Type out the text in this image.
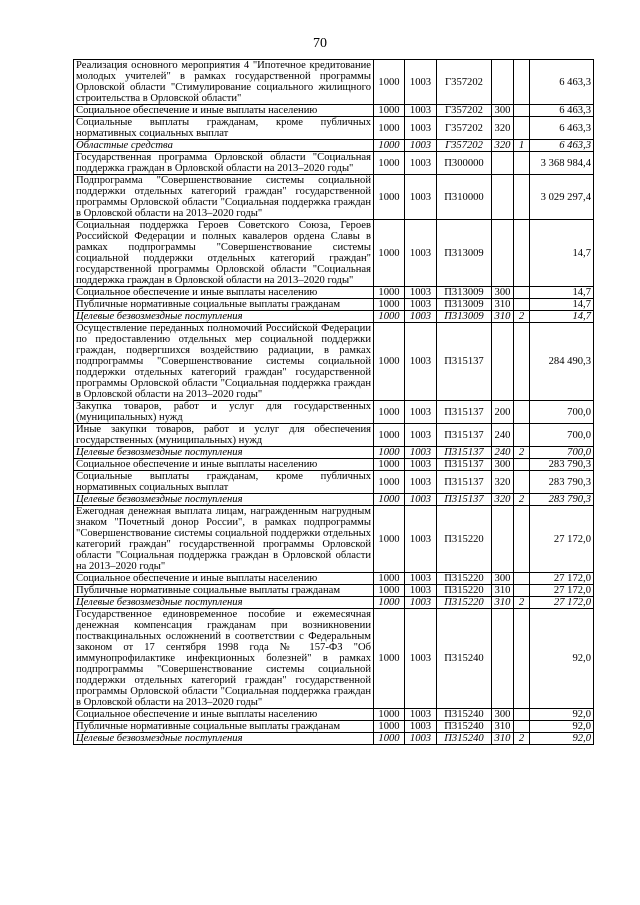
70
Реализация основного мероприятия 4 "Ипотечное кредитование молодых учителей" в рамках государственной программы Орловской области "Стимулирование социального жилищного строительства в Орловской области"	1000	1003	Г357202			6 463,3
Социальное обеспечение и иные выплаты населению	1000	1003	Г357202	300		6 463,3
Социальные выплаты гражданам, кроме публичных нормативных социальных выплат	1000	1003	Г357202	320		6 463,3
Областные средства	1000	1003	Г357202	320	1	6 463,3
Государственная программа Орловской области "Социальная поддержка граждан в Орловской области на 2013–2020 годы"	1000	1003	П300000			3 368 984,4
Подпрограмма "Совершенствование системы социальной поддержки отдельных категорий граждан" государственной программы Орловской области "Социальная поддержка граждан в Орловской области на 2013–2020 годы"	1000	1003	П310000			3 029 297,4
Социальная поддержка Героев Советского Союза, Героев Российской Федерации и полных кавалеров ордена Славы в рамках подпрограммы "Совершенствование системы социальной поддержки отдельных категорий граждан" государственной программы Орловской области "Социальная поддержка граждан в Орловской области на 2013–2020 годы"	1000	1003	П313009			14,7
Социальное обеспечение и иные выплаты населению	1000	1003	П313009	300		14,7
Публичные нормативные социальные выплаты гражданам	1000	1003	П313009	310		14,7
Целевые безвозмездные поступления	1000	1003	П313009	310	2	14,7
Осуществление переданных полномочий Российской Федерации по предоставлению отдельных мер социальной поддержки граждан, подвергшихся воздействию радиации, в рамках подпрограммы "Совершенствование системы социальной поддержки отдельных категорий граждан" государственной программы Орловской области "Социальная поддержка граждан в Орловской области на 2013–2020 годы"	1000	1003	П315137			284 490,3
Закупка товаров, работ и услуг для государственных (муниципальных) нужд	1000	1003	П315137	200		700,0
Иные закупки товаров, работ и услуг для обеспечения государственных (муниципальных) нужд	1000	1003	П315137	240		700,0
Целевые безвозмездные поступления	1000	1003	П315137	240	2	700,0
Социальное обеспечение и иные выплаты населению	1000	1003	П315137	300		283 790,3
Социальные выплаты гражданам, кроме публичных нормативных социальных выплат	1000	1003	П315137	320		283 790,3
Целевые безвозмездные поступления	1000	1003	П315137	320	2	283 790,3
Ежегодная денежная выплата лицам, награжденным нагрудным знаком "Почетный донор России", в рамках подпрограммы "Совершенствование системы социальной поддержки отдельных категорий граждан" государственной программы Орловской области "Социальная поддержка граждан в Орловской области на 2013–2020 годы"	1000	1003	П315220			27 172,0
Социальное обеспечение и иные выплаты населению	1000	1003	П315220	300		27 172,0
Публичные нормативные социальные выплаты гражданам	1000	1003	П315220	310		27 172,0
Целевые безвозмездные поступления	1000	1003	П315220	310	2	27 172,0
Государственное единовременное пособие и ежемесячная денежная компенсация гражданам при возникновении поствакцинальных осложнений в соответствии с Федеральным законом от 17 сентября 1998 года № 157-ФЗ "Об иммунопрофилактике инфекционных болезней" в рамках подпрограммы "Совершенствование системы социальной поддержки отдельных категорий граждан" государственной программы Орловской области "Социальная поддержка граждан в Орловской области на 2013–2020 годы"	1000	1003	П315240			92,0
Социальное обеспечение и иные выплаты населению	1000	1003	П315240	300		92,0
Публичные нормативные социальные выплаты гражданам	1000	1003	П315240	310		92,0
Целевые безвозмездные поступления	1000	1003	П315240	310	2	92,0
